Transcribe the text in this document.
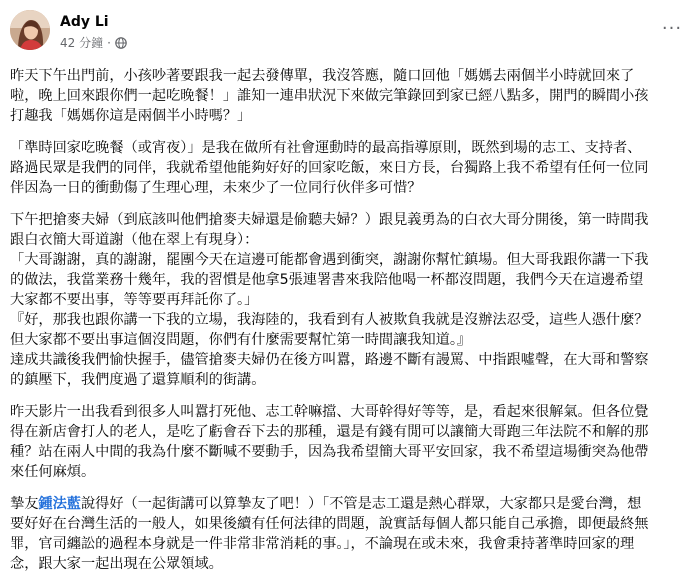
Ady Li
42 分鐘 ·
···

昨天下午出門前，小孩吵著要跟我一起去發傳單，我沒答應，隨口回他「媽媽去兩個半小時就回來了
啦，晚上回來跟你們一起吃晚餐！」誰知一連串狀況下來做完筆錄回到家已經八點多，開門的瞬間小孩
打趣我「媽媽你這是兩個半小時嗎？」

「準時回家吃晚餐（或宵夜）」是我在做所有社會運動時的最高指導原則，既然到場的志工、支持者、
路過民眾是我們的同伴，我就希望他能夠好好的回家吃飯，來日方長，台獨路上我不希望有任何一位同
伴因為一日的衝動傷了生理心理，未來少了一位同行伙伴多可惜？

下午把搶麥夫婦（到底該叫他們搶麥夫婦還是偷聽夫婦？）跟見義勇為的白衣大哥分開後，第一時間我
跟白衣簡大哥道謝（他在翠上有現身）：
「大哥謝謝，真的謝謝，罷團今天在這邊可能都會遇到衝突，謝謝你幫忙鎮場。但大哥我跟你講一下我
的做法，我當業務十幾年，我的習慣是他拿5張連署書來我陪他喝一杯都沒問題，我們今天在這邊希望
大家都不要出事，等等要再拜託你了。」
『好，那我也跟你講一下我的立場，我海陸的，我看到有人被欺負我就是沒辦法忍受，這些人憑什麼？
但大家都不要出事這個沒問題，你們有什麼需要幫忙第一時間讓我知道。』
達成共識後我們愉快握手，儘管搶麥夫婦仍在後方叫囂，路邊不斷有謾罵、中指跟噓聲，在大哥和警察
的鎮壓下，我們度過了還算順利的街講。

昨天影片一出我看到很多人叫囂打死他、志工幹嘛擋、大哥幹得好等等，是，看起來很解氣。但各位覺
得在新店會打人的老人，是吃了虧會吞下去的那種，還是有錢有閒可以讓簡大哥跑三年法院不和解的那
種？站在兩人中間的我為什麼不斷喊不要動手，因為我希望簡大哥平安回家，我不希望這場衝突為他帶
來任何麻煩。

摯友鍾法藍說得好（一起街講可以算摯友了吧！）「不管是志工還是熱心群眾，大家都只是愛台灣，想
要好好在台灣生活的一般人，如果後續有任何法律的問題，說實話每個人都只能自己承擔，即便最終無
罪，官司纏訟的過程本身就是一件非常非常消耗的事。」，不論現在或未來，我會秉持著準時回家的理
念，跟大家一起出現在公眾領域。
